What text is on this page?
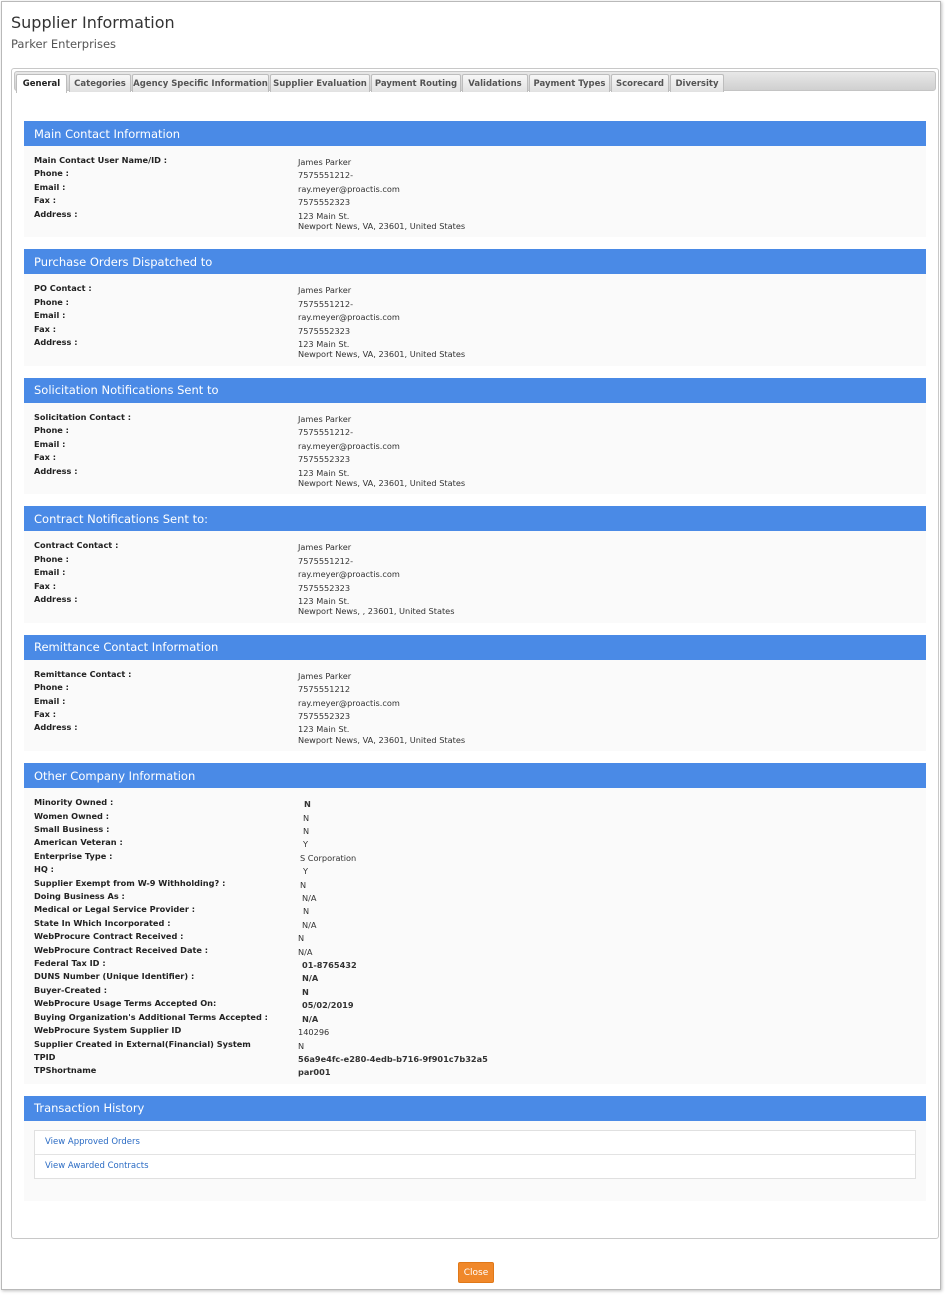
Supplier Information
Parker Enterprises
General	Categories Agency Specific Information Supplier Evaluation Payment Routing	Validations	Payment Types	Scorecard	Diversity
Main Contact Information
Main Contact User Name/ID :	James Parker
Phone :	7575551212-
Email :	ray.meyer@proactis.com
Fax :	7575552323
Address :	123 Main St.
Newport News, VA, 23601, United States
Purchase Orders Dispatched to
PO Contact :	James Parker
Phone :	7575551212-
Email :	ray.meyer@proactis.com
Fax :	7575552323
Address :	123 Main St.
Newport News, VA, 23601, United States
Solicitation Notifications Sent to
Solicitation Contact :	James Parker
Phone :	7575551212-
Email :	ray.meyer@proactis.com
Fax :	7575552323
Address :	123 Main St.
Newport News, VA, 23601, United States
Contract Notifications Sent to:
Contract Contact :	James Parker
Phone :	7575551212-
Email :	ray.meyer@proactis.com
Fax :	7575552323
Address :	123 Main St.
Newport News, , 23601, United States
Remittance Contact Information
Remittance Contact :	James Parker
Phone :	7575551212
Email :	ray.meyer@proactis.com
Fax :	7575552323
Address :	123 Main St.
Newport News, VA, 23601, United States
Other Company Information
Minority Owned :	N
Women Owned :	N
Small Business :	N
American Veteran :	Y
Enterprise Type :	S Corporation
HQ :	Y
Supplier Exempt from W-9 Withholding? :	N
Doing Business As :	N/A
Medical or Legal Service Provider :	N
State In Which Incorporated :	N/A
WebProcure Contract Received :	N
WebProcure Contract Received Date :	N/A
Federal Tax ID :	01-8765432
DUNS Number (Unique Identifier) :	N/A
Buyer-Created :	N
WebProcure Usage Terms Accepted On:	05/02/2019
Buying Organization's Additional Terms Accepted :	N/A
WebProcure System Supplier ID	140296
Supplier Created in External(Financial) System	N
TPID	56a9e4fc-e280-4edb-b716-9f901c7b32a5
TPShortname	par001
Transaction History
View Approved Orders
View Awarded Contracts
Close
